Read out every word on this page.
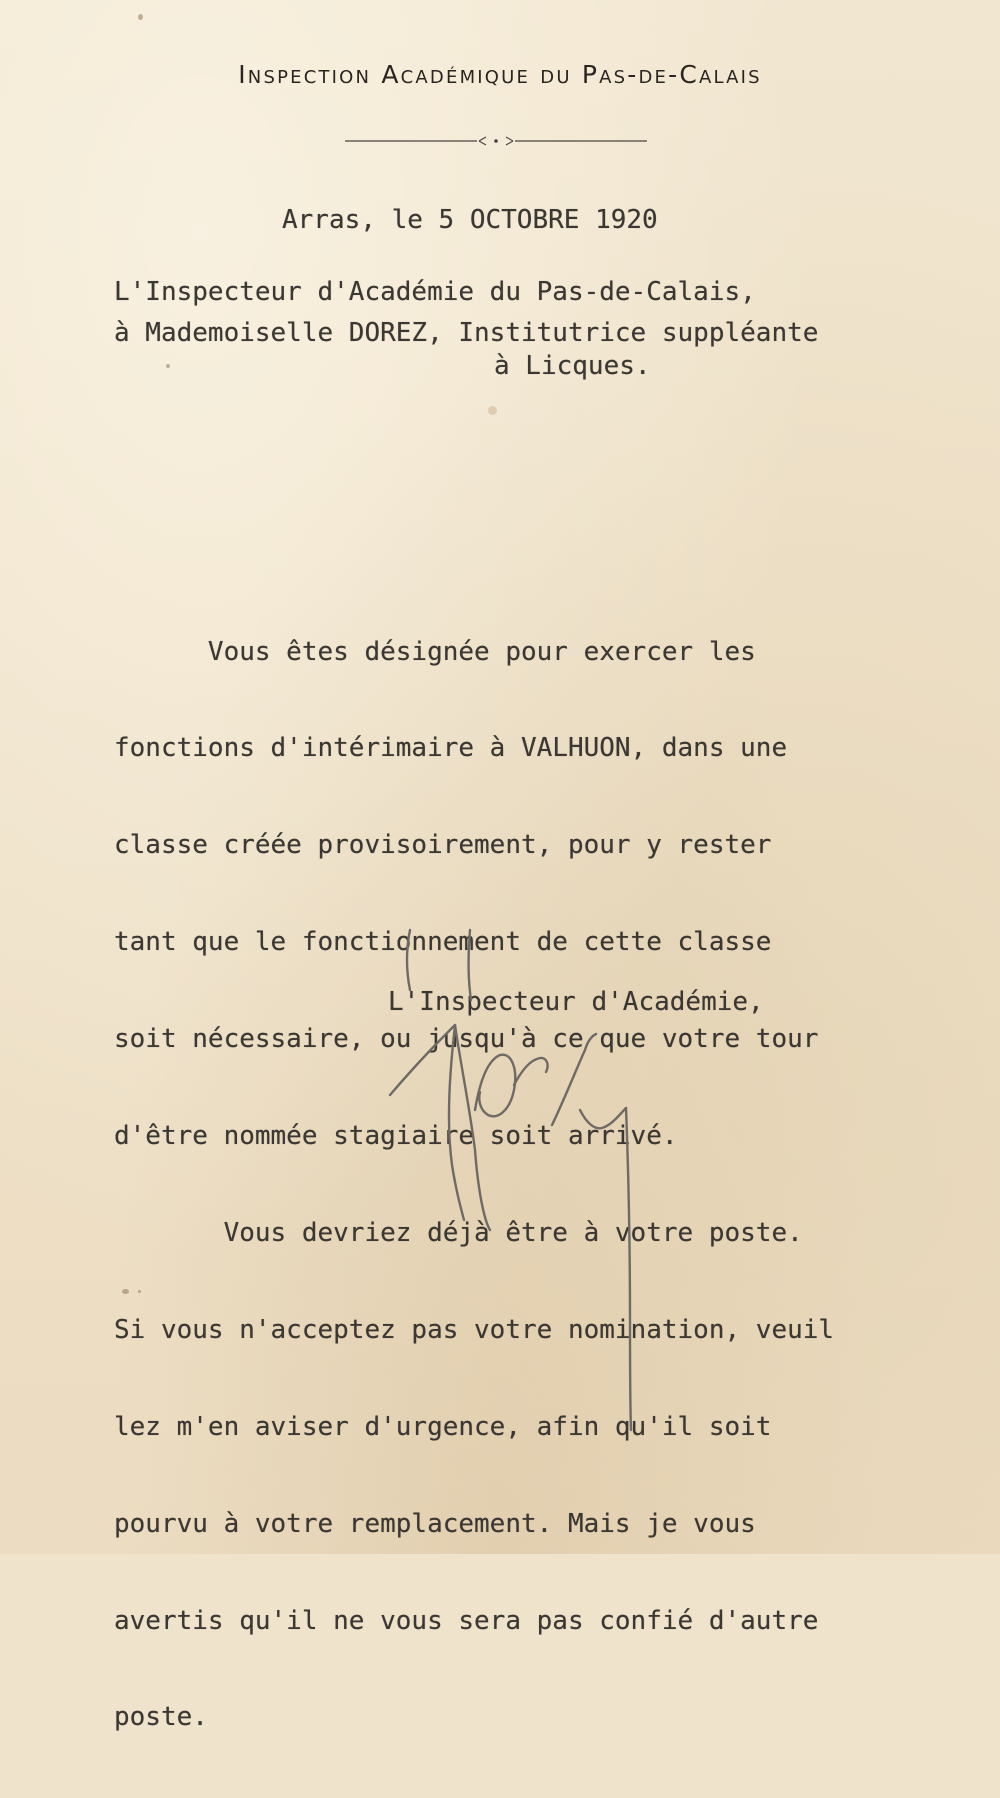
Inspection Académique du Pas-de-Calais

Arras, le 5 OCTOBRE 1920

L'Inspecteur d'Académie du Pas-de-Calais,

à Mademoiselle DOREZ, Institutrice suppléante

à Licques.

Vous êtes désignée pour exercer les

fonctions d'intérimaire à VALHUON, dans une

classe créée provisoirement, pour y rester

tant que le fonctionnement de cette classe

soit nécessaire, ou jusqu'à ce que votre tour

d'être nommée stagiaire soit arrivé.

Vous devriez déjà être à votre poste.

Si vous n'acceptez pas votre nomination, veuil

lez m'en aviser d'urgence, afin qu'il soit

pourvu à votre remplacement. Mais je vous

avertis qu'il ne vous sera pas confié d'autre

poste.

L'Inspecteur d'Académie,
